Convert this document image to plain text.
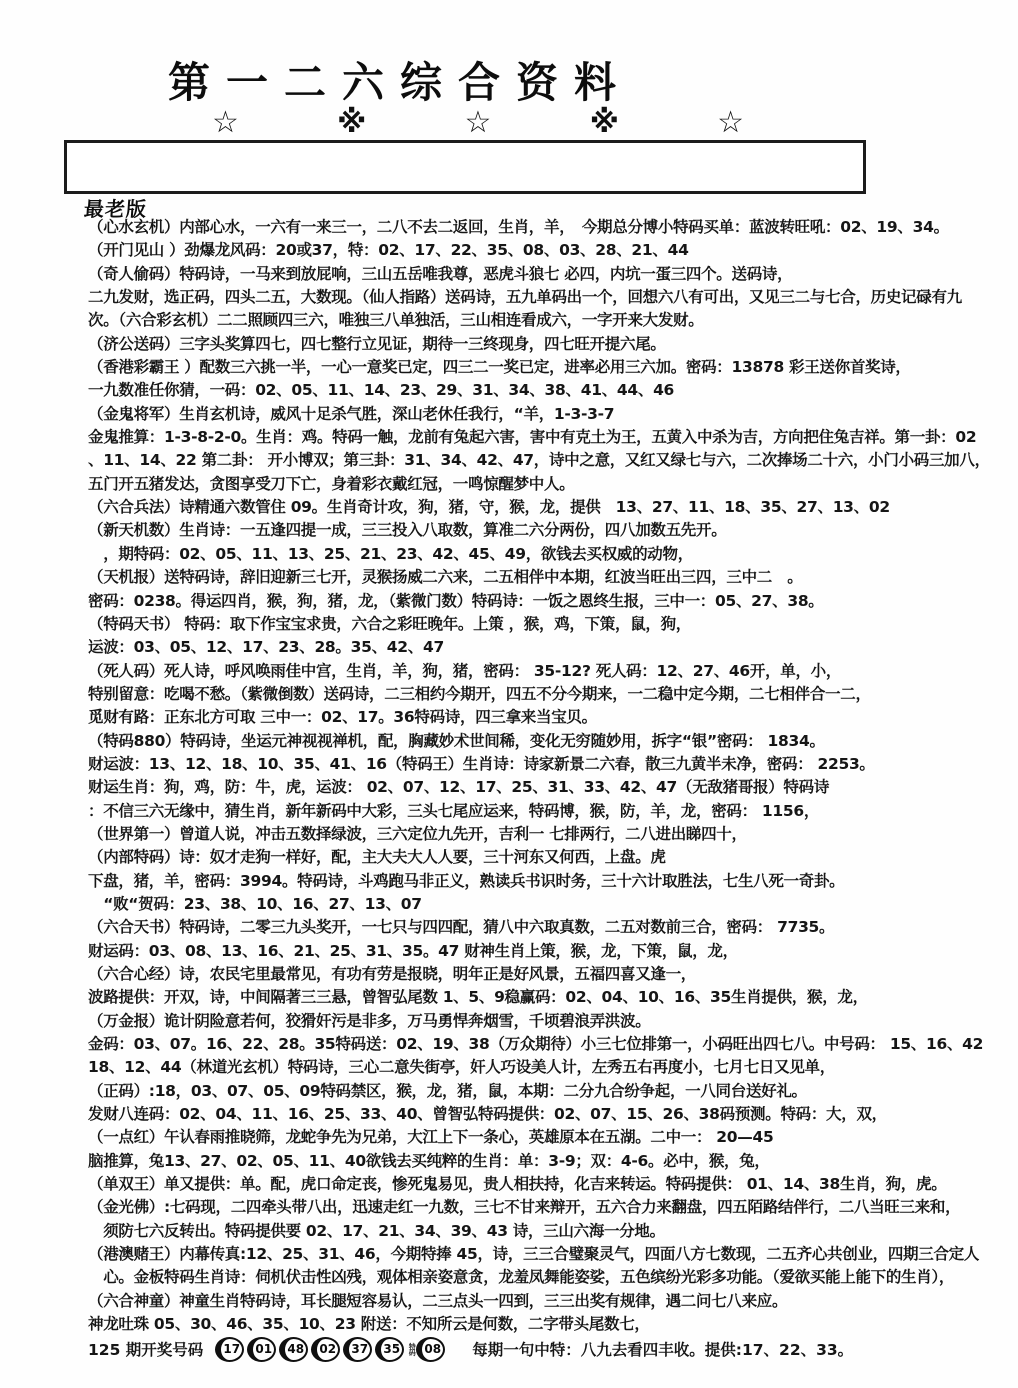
第一二六综合资料
☆	※	☆	※	☆
最老版
（心水玄机）内部心水，一六有一来三一，二八不去二返回，生肖，羊，　今期总分博小特码买单：蓝波转旺吼：02、19、34。
（开门见山 ）劲爆龙风码：20或37，特：02、17、22、35、08、03、28、21、44
（奇人偷码）特码诗，一马来到放屁响，三山五岳唯我尊，恶虎斗狼七 必四，内坑一蛋三四个。送码诗，
二九发财，选正码，四头二五，大数现。（仙人指路）送码诗，五九单码出一个，回想六八有可出，又见三二与七合，历史记碌有九
次。（六合彩玄机）二二照顾四三六，唯独三八单独活，三山相连看成六，一字开来大发财。
（济公送码）三字头奖算四七，四七整行立见证，期待一三终现身，四七旺开提六尾。
（香港彩霸王 ）配数三六挑一半，一心一意奖已定，四三二一奖已定，进率必用三六加。密码：13878 彩王送你首奖诗，
一九数准任你猜，一码：02、05、11、14、23、29、31、34、38、41、44、46
（金鬼将军）生肖玄机诗，威风十足杀气胜，深山老休任我行，“羊，1-3-3-7
金鬼推算：1-3-8-2-0。生肖：鸡。特码一触，龙前有兔起六害，害中有克土为王，五黄入中杀为吉，方向把住兔吉祥。第一卦：02
、11、14、22 第二卦： 开小博双；第三卦：31、34、42、47，诗中之意，又红又绿七与六，二次捧场二十六，小门小码三加八，
五门开五猪发达，贪图享受刀下亡，身着彩衣戴红冠，一鸣惊醒梦中人。
（六合兵法）诗精通六数管住 09。生肖奇计攻，狗，猪，守，猴，龙，提供　13、27、11、18、35、27、13、02
（新天机数）生肖诗：一五逢四提一成，三三投入八取数，算准二六分两份，四八加数五先开。
　，期特码：02、05、11、13、25、21、23、42、45、49，欲钱去买权威的动物，
（天机报）送特码诗，辞旧迎新三七开，灵猴扬威二六来，二五相伴中本期，红波当旺出三四，三中二　。
密码：0238。得运四肖，猴，狗，猪，龙，（紫微门数）特码诗：一饭之恩终生报，三中一：05、27、38。
（特码天书） 特码：取下作宝宝求贵，六合之彩旺晚年。上策 ，猴，鸡，下策，鼠，狗，
运波：03、05、12、17、23、28。35、42、47
（死人码）死人诗，呼风唤雨佳中宫，生肖，羊，狗，猪，密码： 35-12? 死人码：12、27、46开，单，小，
特别留意：吃喝不愁。（紫微倒数）送码诗，二三相约今期开，四五不分今期来，一二稳中定今期，二七相伴合一二，
觅财有路：正东北方可取 三中一：02、17。36特码诗，四三拿来当宝贝。
（特码880）特码诗，坐运元神视视禅机，配，胸藏妙术世间稀，变化无穷随妙用，拆字“银”密码： 1834。
财运波：13、12、18、10、35、41、16（特码王）生肖诗：诗家新景二六春，散三九黄半未净，密码： 2253。
财运生肖：狗，鸡，防：牛，虎，运波： 02、07、12、17、25、31、33、42、47（无敌猪哥报）特码诗
：不信三六无缘中，猜生肖，新年新码中大彩，三头七尾应运来，特码博，猴，防，羊，龙，密码： 1156，
（世界第一）曾道人说，冲击五数择绿波，三六定位九先开，吉利一 七排两行，二八进出睇四十，
（内部特码）诗：奴才走狗一样好，配，主大夫大人人要，三十河东又何西，上盘。虎
下盘，猪，羊，密码：3994。特码诗，斗鸡跑马非正义，熟读兵书识时务，三十六计取胜法，七生八死一奇卦。
　“败“贺码：23、38、10、16、27、13、07
（六合天书）特码诗，二零三九头奖开，一七只与四四配，猜八中六取真数，二五对数前三合，密码： 7735。
财运码：03、08、13、16、21、25、31、35。47 财神生肖上策，猴，龙，下策，鼠，龙，
（六合心经）诗，农民宅里最常见，有功有劳是报晓，明年正是好风景，五福四喜又逢一，
波路提供：开双，诗，中间隔著三三悬，曾智弘尾数 1、5、9稳赢码：02、04、10、16、35生肖提供，猴，龙，
（万金报）诡计阴险意若何，狡猾奸污是非多，万马勇悍奔烟雪，千顷碧浪弄洪波。
金码：03、07。16、22、28。35特码送：02、19、38（万众期待）小三七位排第一，小码旺出四七八。中号码： 15、16、42
18、12、44（林道光玄机）特码诗，三心二意失街亭，奸人巧设美人计，左秀五右再度小，七月七日又见单，
（正码）:18，03、07、05、09特码禁区，猴，龙，猪，鼠，本期：二分九合纷争起，一八同台送好礼。
发财八连码：02、04、11、16、25、33、40、曾智弘特码提供：02、07、15、26、38码预测。特码：大，双，
（一点红）午认春雨推晓筛，龙蛇争先为兄弟，大江上下一条心，英雄原本在五湖。二中一： 20—45
脑推算，兔13、27、02、05、11、40欲钱去买纯粹的生肖：单：3-9；双：4-6。必中，猴，兔，
（单双王）单又提供：单。配，虎口命定丧，惨死鬼易见，贵人相扶持，化吉来转运。特码提供： 01、14、38生肖，狗，虎。
（金光佛）:七码现，二四牵头带八出，迅速走红一九数，三七不甘来辩开，五六合力来翻盘，四五陌路结伴行，二八当旺三来和，
　须防七六反转出。特码提供要 02、17、21、34、39、43 诗，三山六海一分地。
（港澳赌王）内幕传真:12、25、31、46，今期特捧 45，诗，三三合璧聚灵气，四面八方七数现，二五齐心共创业，四期三合定人
　心。金板特码生肖诗：伺机伏击性凶残，观体相亲姿意贪，龙羞凤舞能姿娑，五色缤纷光彩多功能。（爱欲买能上能下的生肖），
（六合神童）神童生肖特码诗，耳长腿短容易认，二三点头一四到，三三出奖有规律，遇二问七八来应。
神龙吐珠 05、30、46、35、10、23 附送：不知所云是何数，二字带头尾数七，
125 期开奖号码	17	01	48	02	37	35	特码 08 每期一句中特：八九去看四丰收。提供:17、22、33。
